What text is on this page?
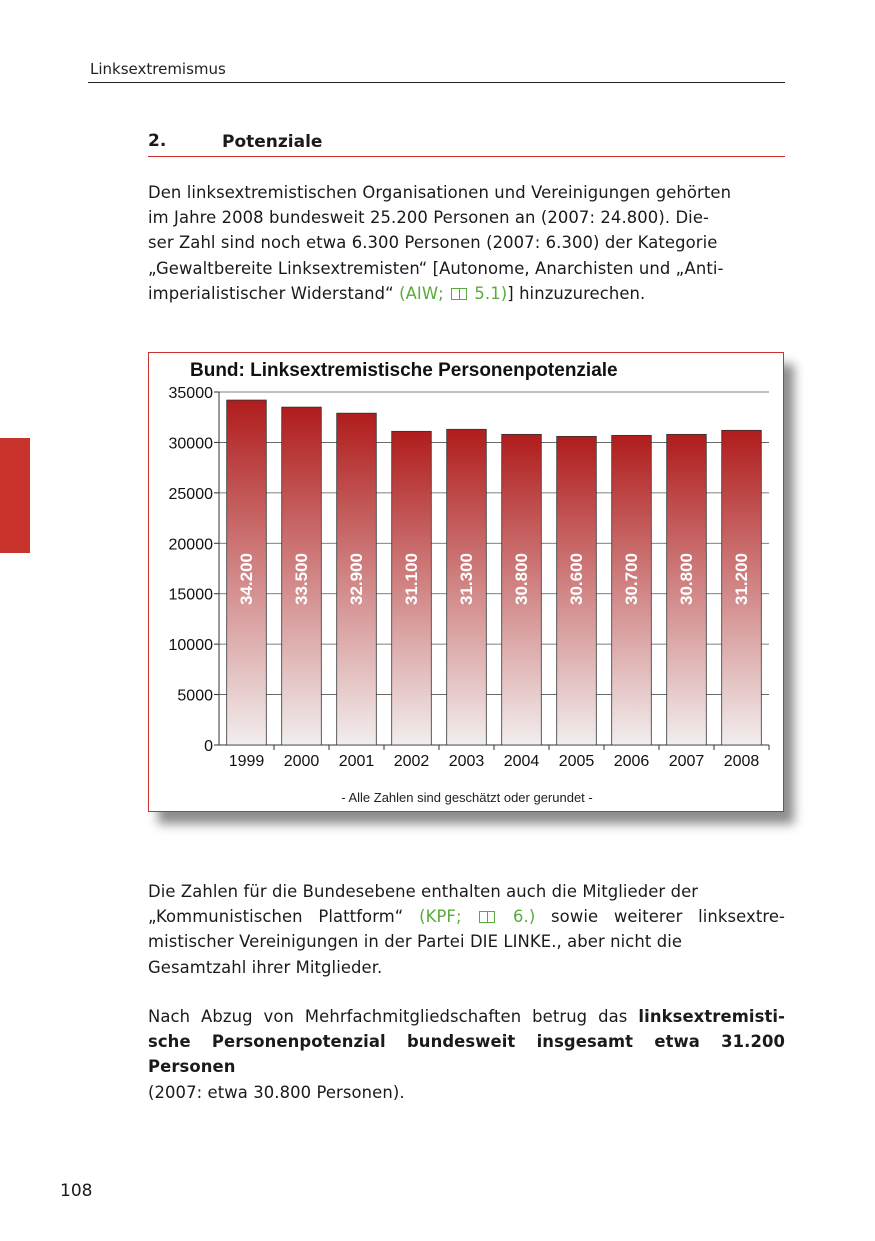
Linksextremismus
2.	Potenziale

Den linksextremistischen Organisationen und Vereinigungen gehörten

im Jahre 2008 bundesweit 25.200 Personen an (2007: 24.800). Die-

ser Zahl sind noch etwa 6.300 Personen (2007: 6.300) der Kategorie

„Gewaltbereite Linksextremisten“ [Autonome, Anarchisten und „Anti-

imperialistischer Widerstand“ (AIW; 5.1)] hinzuzurechen.

Bund: Linksextremistische Personenpotenziale
0
5000
10000
15000
20000
25000
30000
35000
34.200
1999
33.500
2000
32.900
2001
31.100
2002
31.300
2003
30.800
2004
30.600
2005
30.700
2006
30.800
2007
31.200
2008
- Alle Zahlen sind geschätzt oder gerundet -

Die Zahlen für die Bundesebene enthalten auch die Mitglieder der

„Kommunistischen Plattform“ (KPF;	6.) sowie weiterer linksextre-

mistischer Vereinigungen in der Partei DIE LINKE., aber nicht die

Gesamtzahl ihrer Mitglieder.

Nach Abzug von Mehrfachmitgliedschaften betrug das linksextremisti-

sche Personenpotenzial bundesweit insgesamt etwa 31.200 Personen

(2007: etwa 30.800 Personen).

108
